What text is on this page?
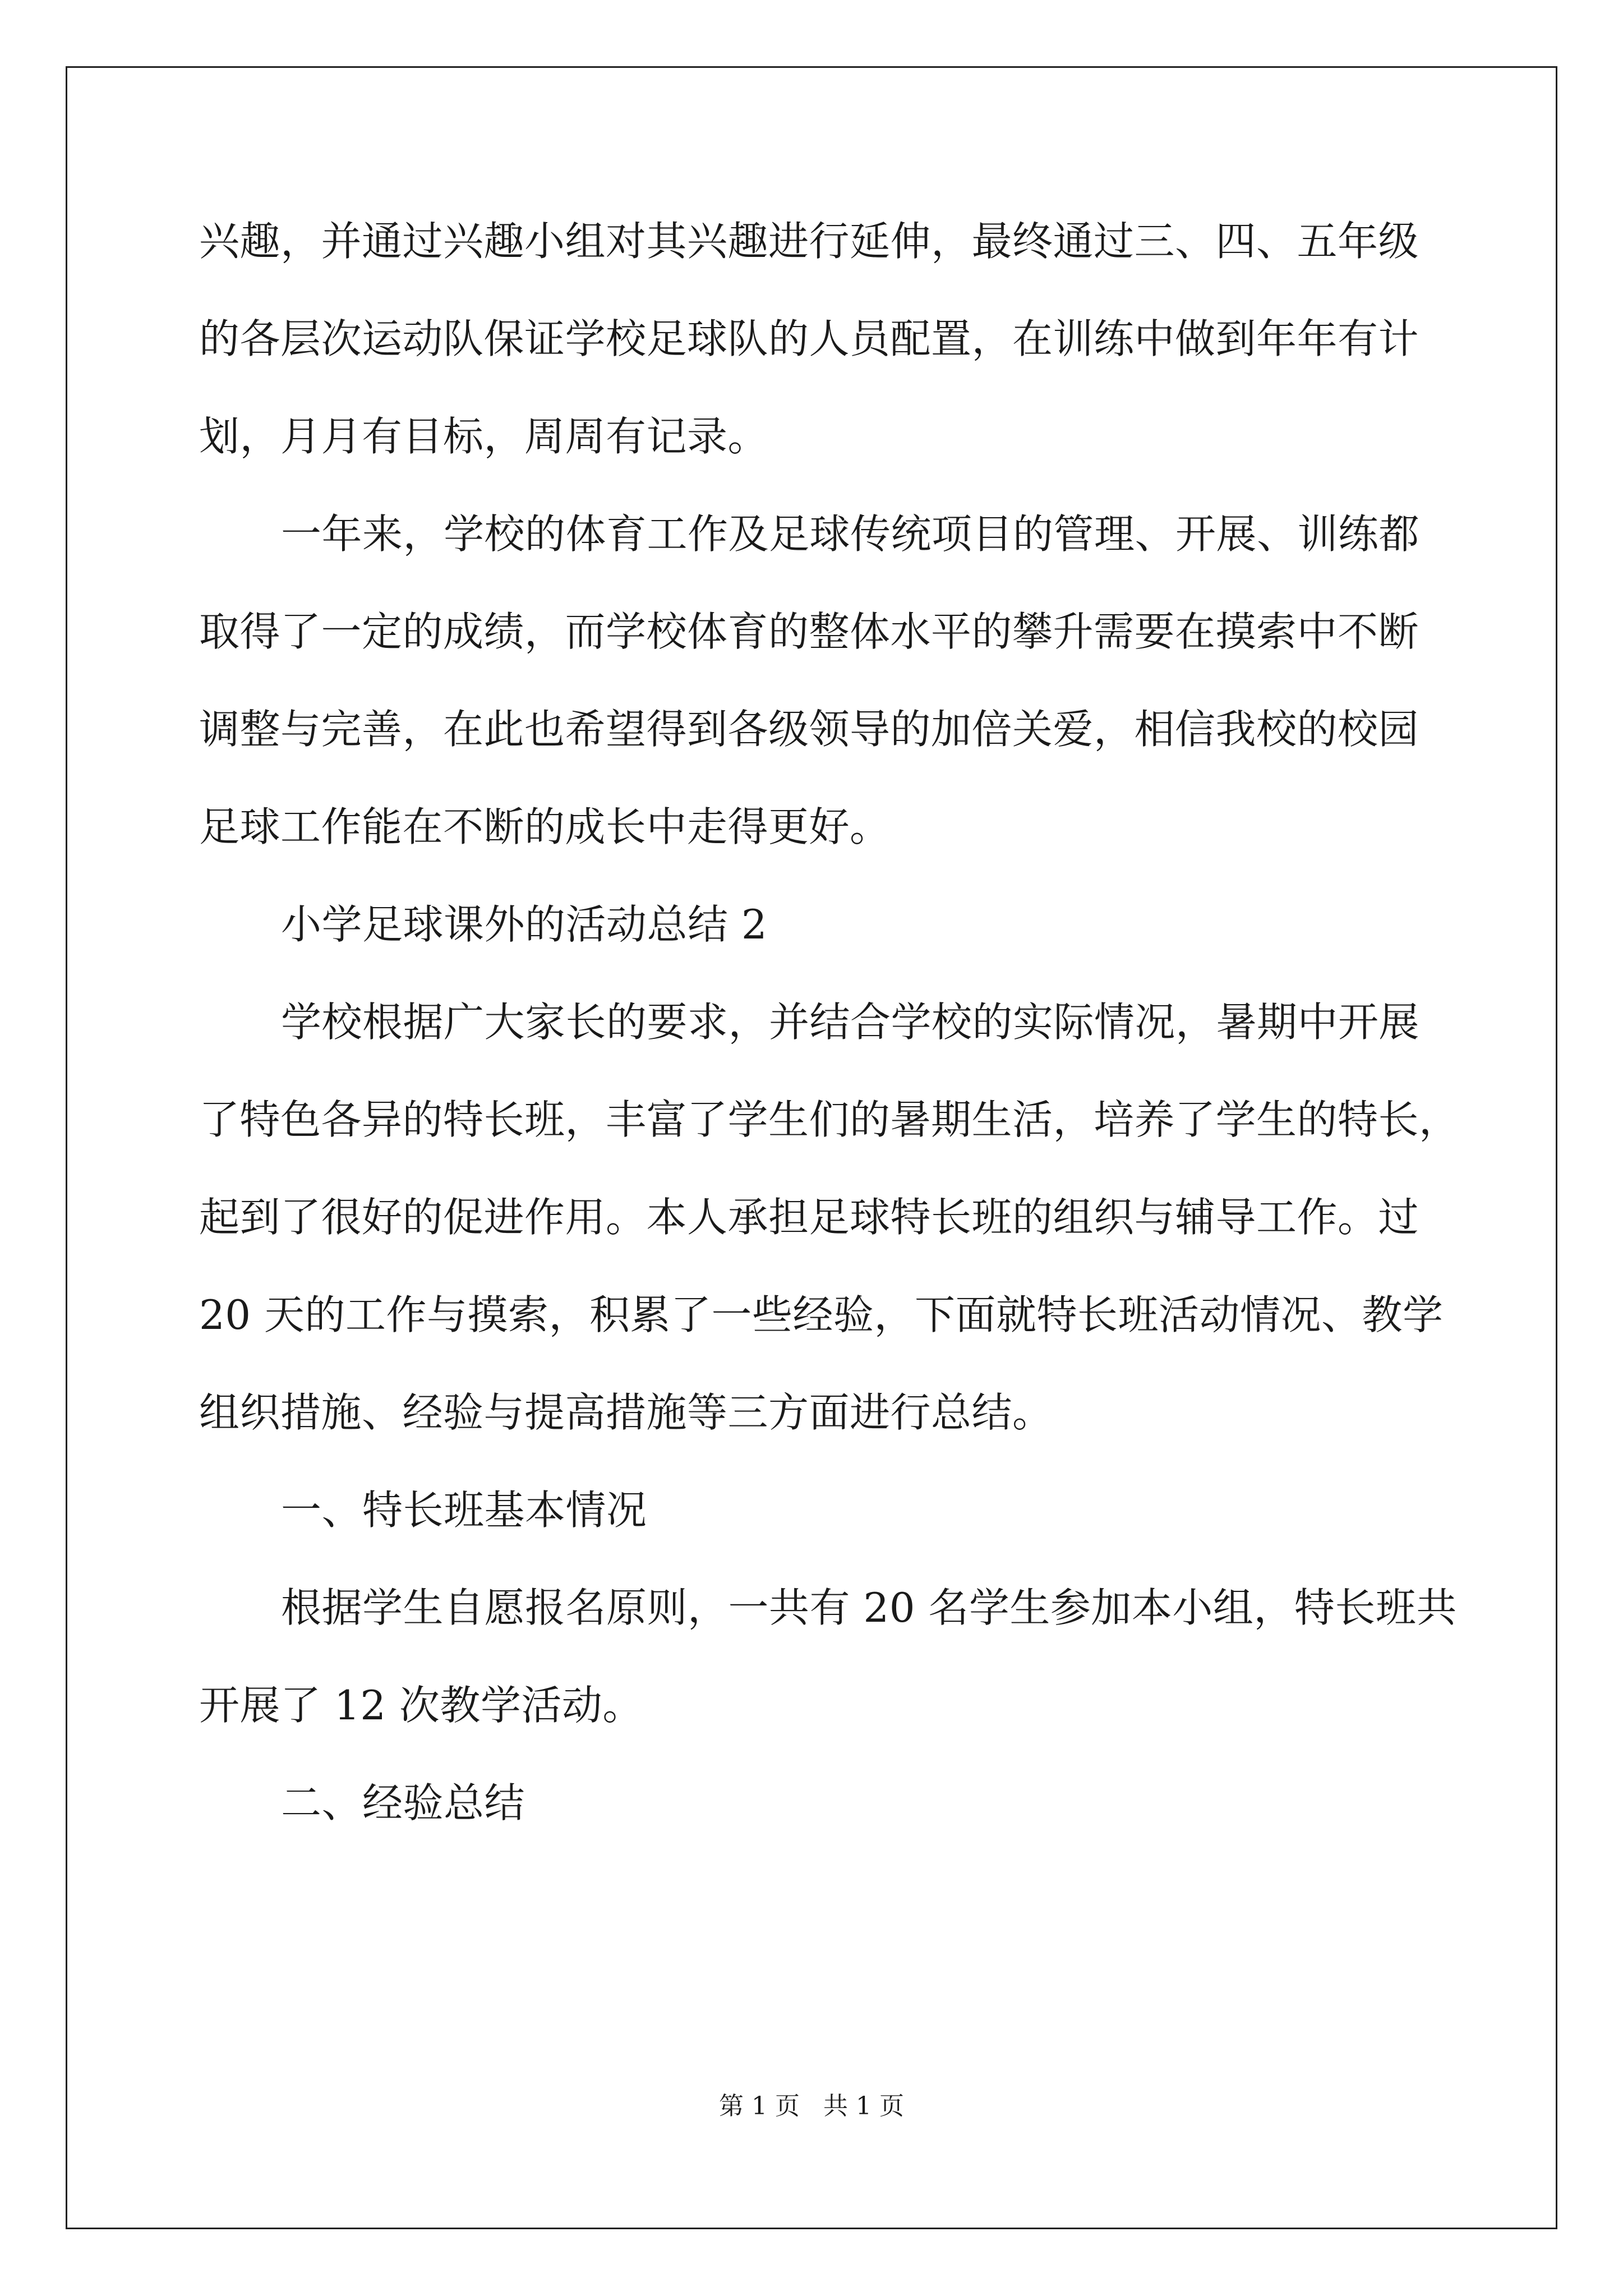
兴趣，并通过兴趣小组对其兴趣进行延伸，最终通过三、四、五年级
的各层次运动队保证学校足球队的人员配置，在训练中做到年年有计
划，月月有目标，周周有记录。
一年来，学校的体育工作及足球传统项目的管理、开展、训练都
取得了一定的成绩，而学校体育的整体水平的攀升需要在摸索中不断
调整与完善，在此也希望得到各级领导的加倍关爱，相信我校的校园
足球工作能在不断的成长中走得更好。
小学足球课外的活动总结 2
学校根据广大家长的要求，并结合学校的实际情况，暑期中开展
了特色各异的特长班，丰富了学生们的暑期生活，培养了学生的特长，
起到了很好的促进作用。本人承担足球特长班的组织与辅导工作。过
20 天的工作与摸索，积累了一些经验，下面就特长班活动情况、教学
组织措施、经验与提高措施等三方面进行总结。
一、特长班基本情况
根据学生自愿报名原则，一共有 20 名学生参加本小组，特长班共
开展了 12 次教学活动。
二、经验总结
第 1 页   共 1 页
